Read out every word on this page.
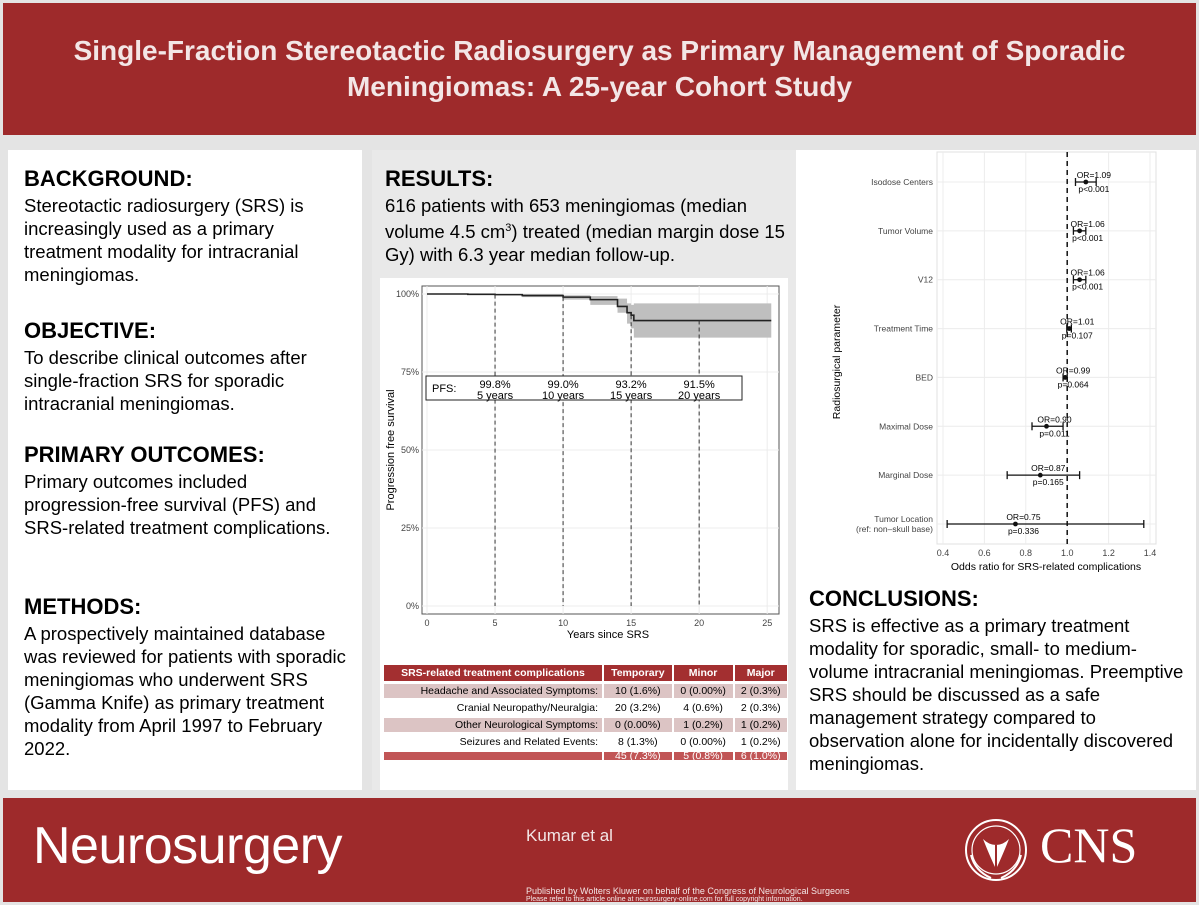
Single-Fraction Stereotactic Radiosurgery as Primary Management of Sporadic Meningiomas: A 25-year Cohort Study
BACKGROUND:

Stereotactic radiosurgery (SRS) is increasingly used as a primary treatment modality for intracranial meningiomas.

OBJECTIVE:

To describe clinical outcomes after single-fraction SRS for sporadic intracranial meningiomas.

PRIMARY OUTCOMES:

Primary outcomes included progression-free survival (PFS) and SRS-related treatment complications.

METHODS:

A prospectively maintained database was reviewed for patients with sporadic meningiomas who underwent SRS (Gamma Knife) as primary treatment modality from April 1997 to February 2022.

RESULTS:

616 patients with 653 meningiomas (median volume 4.5 $cm^3$) treated (median margin dose 15 Gy) with 6.3 year median follow-up.

PFS: 99.8%
5 years
99.0%
10 years
93.2%
15 years
91.5%
20 years
0%
25%
50%
75%
100%
0	5	10	15	20	25
Progression free survival
Years since SRS
SRS-related treatment complications	Temporary	Minor	Major
Headache and Associated Symptoms:	10 (1.6%)	0 (0.00%)	2 (0.3%)
Cranial Neuropathy/Neuralgia:	20 (3.2%)	4 (0.6%)	2 (0.3%)
Other Neurological Symptoms:	0 (0.00%)	1 (0.2%)	1 (0.2%)
Seizures and Related Events:	8 (1.3%)	0 (0.00%)	1 (0.2%)
	45 (7.3%)	5 (0.8%)	6 (1.0%)
Isodose Centers
OR=1.09
p<0.001
Tumor Volume
OR=1.06
p<0.001
V12
OR=1.06
p<0.001
Treatment Time
OR=1.01
p=0.107
BED
OR=0.99
p=0.064
Maximal Dose
OR=0.90
p=0.011
Marginal Dose
OR=0.87
p=0.165
Tumor Location
(ref: non–skull base)
OR=0.75
p=0.336
0.4	0.6	0.8	1.0	1.2	1.4
Radiosurgical parameter
Odds ratio for SRS-related complications
CONCLUSIONS:

SRS is effective as a primary treatment modality for sporadic, small- to medium-volume intracranial meningiomas. Preemptive SRS should be discussed as a safe management strategy compared to observation alone for incidentally discovered meningiomas.

Neurosurgery	Kumar et al
Published by Wolters Kluwer on behalf of the Congress of Neurological Surgeons
Please refer to this article online at neurosurgery-online.com for full copyright information.
CNS
